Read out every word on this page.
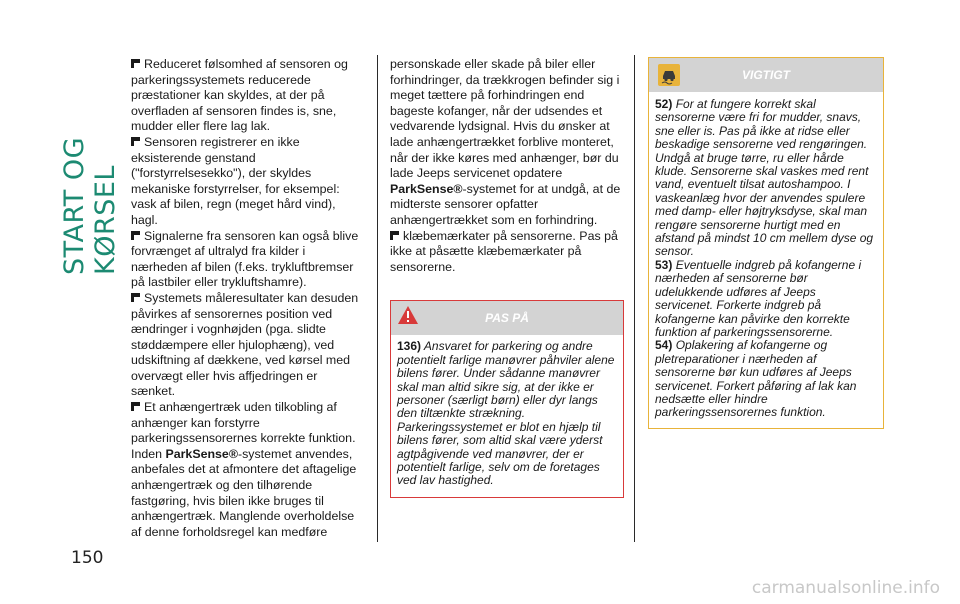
START OG KØRSEL
150

Reduceret følsomhed af sensoren og parkeringssystemets reducerede præstationer kan skyldes, at der på overfladen af sensoren findes is, sne, mudder eller flere lag lak.

Sensoren registrerer en ikke eksisterende genstand ("forstyrrelsesekko"), der skyldes mekaniske forstyrrelser, for eksempel: vask af bilen, regn (meget hård vind), hagl.

Signalerne fra sensoren kan også blive forvrænget af ultralyd fra kilder i nærheden af bilen (f.eks. trykluftbremser på lastbiler eller trykluftshamre).

Systemets måleresultater kan desuden påvirkes af sensorernes position ved ændringer i vognhøjden (pga. slidte støddæmpere eller hjulophæng), ved udskiftning af dækkene, ved kørsel med overvægt eller hvis affjedringen er sænket.

Et anhængertræk uden tilkobling af anhænger kan forstyrre parkeringssensorernes korrekte funktion. Inden ParkSense®-systemet anvendes, anbefales det at afmontere det aftagelige anhængertræk og den tilhørende fastgøring, hvis bilen ikke bruges til anhængertræk. Manglende overholdelse af denne forholdsregel kan medføre

personskade eller skade på biler eller forhindringer, da trækkrogen befinder sig i meget tættere på forhindringen end bageste kofanger, når der udsendes et vedvarende lydsignal. Hvis du ønsker at lade anhængertrækket forblive monteret, når der ikke køres med anhænger, bør du lade Jeeps servicenet opdatere ParkSense®-systemet for at undgå, at de midterste sensorer opfatter anhængertrækket som en forhindring.

klæbemærkater på sensorerne. Pas på ikke at påsætte klæbemærkater på sensorerne.

PAS PÅ
136) Ansvaret for parkering og andre potentielt farlige manøvrer påhviler alene bilens fører. Under sådanne manøvrer skal man altid sikre sig, at der ikke er personer (særligt børn) eller dyr langs den tiltænkte strækning. Parkeringssystemet er blot en hjælp til bilens fører, som altid skal være yderst agtpågivende ved manøvrer, der er potentielt farlige, selv om de foretages ved lav hastighed.
VIGTIGT
52) For at fungere korrekt skal sensorerne være fri for mudder, snavs, sne eller is. Pas på ikke at ridse eller beskadige sensorerne ved rengøringen. Undgå at bruge tørre, ru eller hårde klude. Sensorerne skal vaskes med rent vand, eventuelt tilsat autoshampoo. I vaskeanlæg hvor der anvendes spulere med damp- eller højtryksdyse, skal man rengøre sensorerne hurtigt med en afstand på mindst 10 cm mellem dyse og sensor.
53) Eventuelle indgreb på kofangerne i nærheden af sensorerne bør udelukkende udføres af Jeeps servicenet. Forkerte indgreb på kofangerne kan påvirke den korrekte funktion af parkeringssensorerne.
54) Oplakering af kofangerne og pletreparationer i nærheden af sensorerne bør kun udføres af Jeeps servicenet. Forkert påføring af lak kan nedsætte eller hindre parkeringssensorernes funktion.
carmanualsonline.info
